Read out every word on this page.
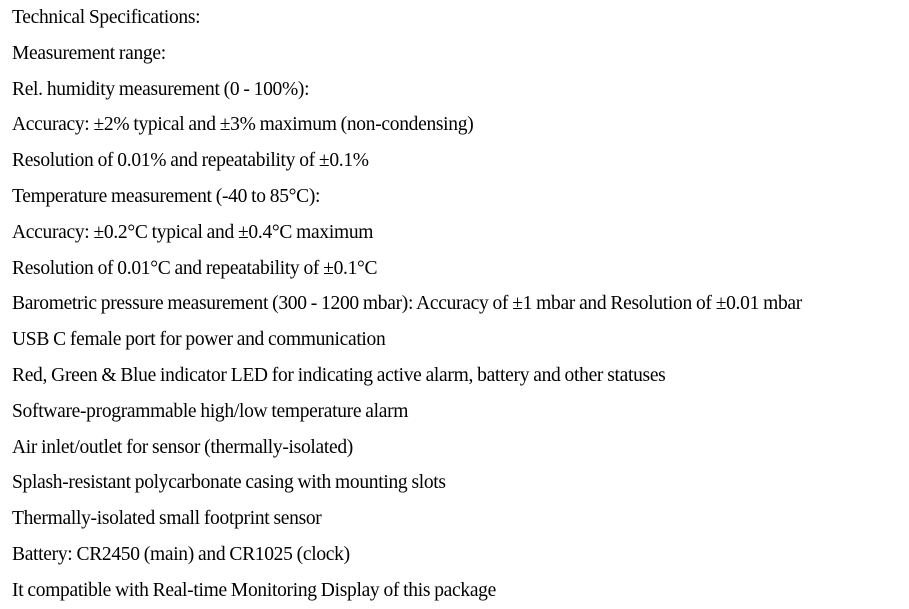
Technical Specifications:

Measurement range:

Rel. humidity measurement (0 - 100%):

Accuracy: ±2% typical and ±3% maximum (non-condensing)

Resolution of 0.01% and repeatability of ±0.1%

Temperature measurement (-40 to 85°C):

Accuracy: ±0.2°C typical and ±0.4°C maximum

Resolution of 0.01°C and repeatability of ±0.1°C

Barometric pressure measurement (300 - 1200 mbar): Accuracy of ±1 mbar and Resolution of ±0.01 mbar

USB C female port for power and communication

Red, Green & Blue indicator LED for indicating active alarm, battery and other statuses

Software-programmable high/low temperature alarm

Air inlet/outlet for sensor (thermally-isolated)

Splash-resistant polycarbonate casing with mounting slots

Thermally-isolated small footprint sensor

Battery: CR2450 (main) and CR1025 (clock)

It compatible with Real-time Monitoring Display of this package
